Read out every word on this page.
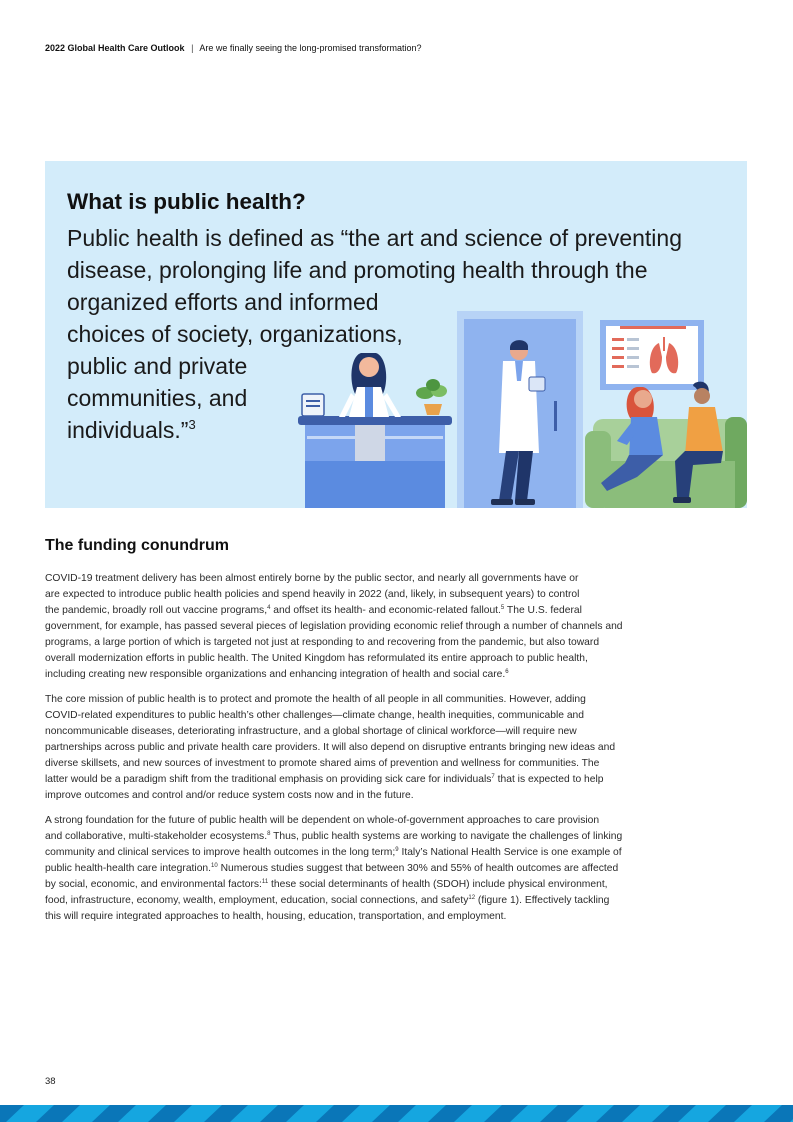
2022 Global Health Care Outlook | Are we finally seeing the long-promised transformation?
What is public health?
Public health is defined as “the art and science of preventing
disease, prolonging life and promoting health through the
organized efforts and informed
choices of society, organizations,
public and private
communities, and
individuals.”$^3$
The funding conundrum

COVID-19 treatment delivery has been almost entirely borne by the public sector, and nearly all governments have or
are expected to introduce public health policies and spend heavily in 2022 (and, likely, in subsequent years) to control
the pandemic, broadly roll out vaccine programs,$^4$ and offset its health- and economic-related fallout.$^5$ The U.S. federal
government, for example, has passed several pieces of legislation providing economic relief through a number of channels and
programs, a large portion of which is targeted not just at responding to and recovering from the pandemic, but also toward
overall modernization efforts in public health. The United Kingdom has reformulated its entire approach to public health,
including creating new responsible organizations and enhancing integration of health and social care.$^6$

The core mission of public health is to protect and promote the health of all people in all communities. However, adding
COVID-related expenditures to public health’s other challenges—climate change, health inequities, communicable and
noncommunicable diseases, deteriorating infrastructure, and a global shortage of clinical workforce—will require new
partnerships across public and private health care providers. It will also depend on disruptive entrants bringing new ideas and
diverse skillsets, and new sources of investment to promote shared aims of prevention and wellness for communities. The
latter would be a paradigm shift from the traditional emphasis on providing sick care for individuals$^7$ that is expected to help
improve outcomes and control and/or reduce system costs now and in the future.

A strong foundation for the future of public health will be dependent on whole-of-government approaches to care provision
and collaborative, multi-stakeholder ecosystems.$^8$ Thus, public health systems are working to navigate the challenges of linking
community and clinical services to improve health outcomes in the long term;$^9$ Italy’s National Health Service is one example of
public health-health care integration.$^{10}$ Numerous studies suggest that between 30% and 55% of health outcomes are affected
by social, economic, and environmental factors:$^{11}$ these social determinants of health (SDOH) include physical environment,
food, infrastructure, economy, wealth, employment, education, social connections, and safety$^{12}$ (figure 1). Effectively tackling
this will require integrated approaches to health, housing, education, transportation, and employment.

38
